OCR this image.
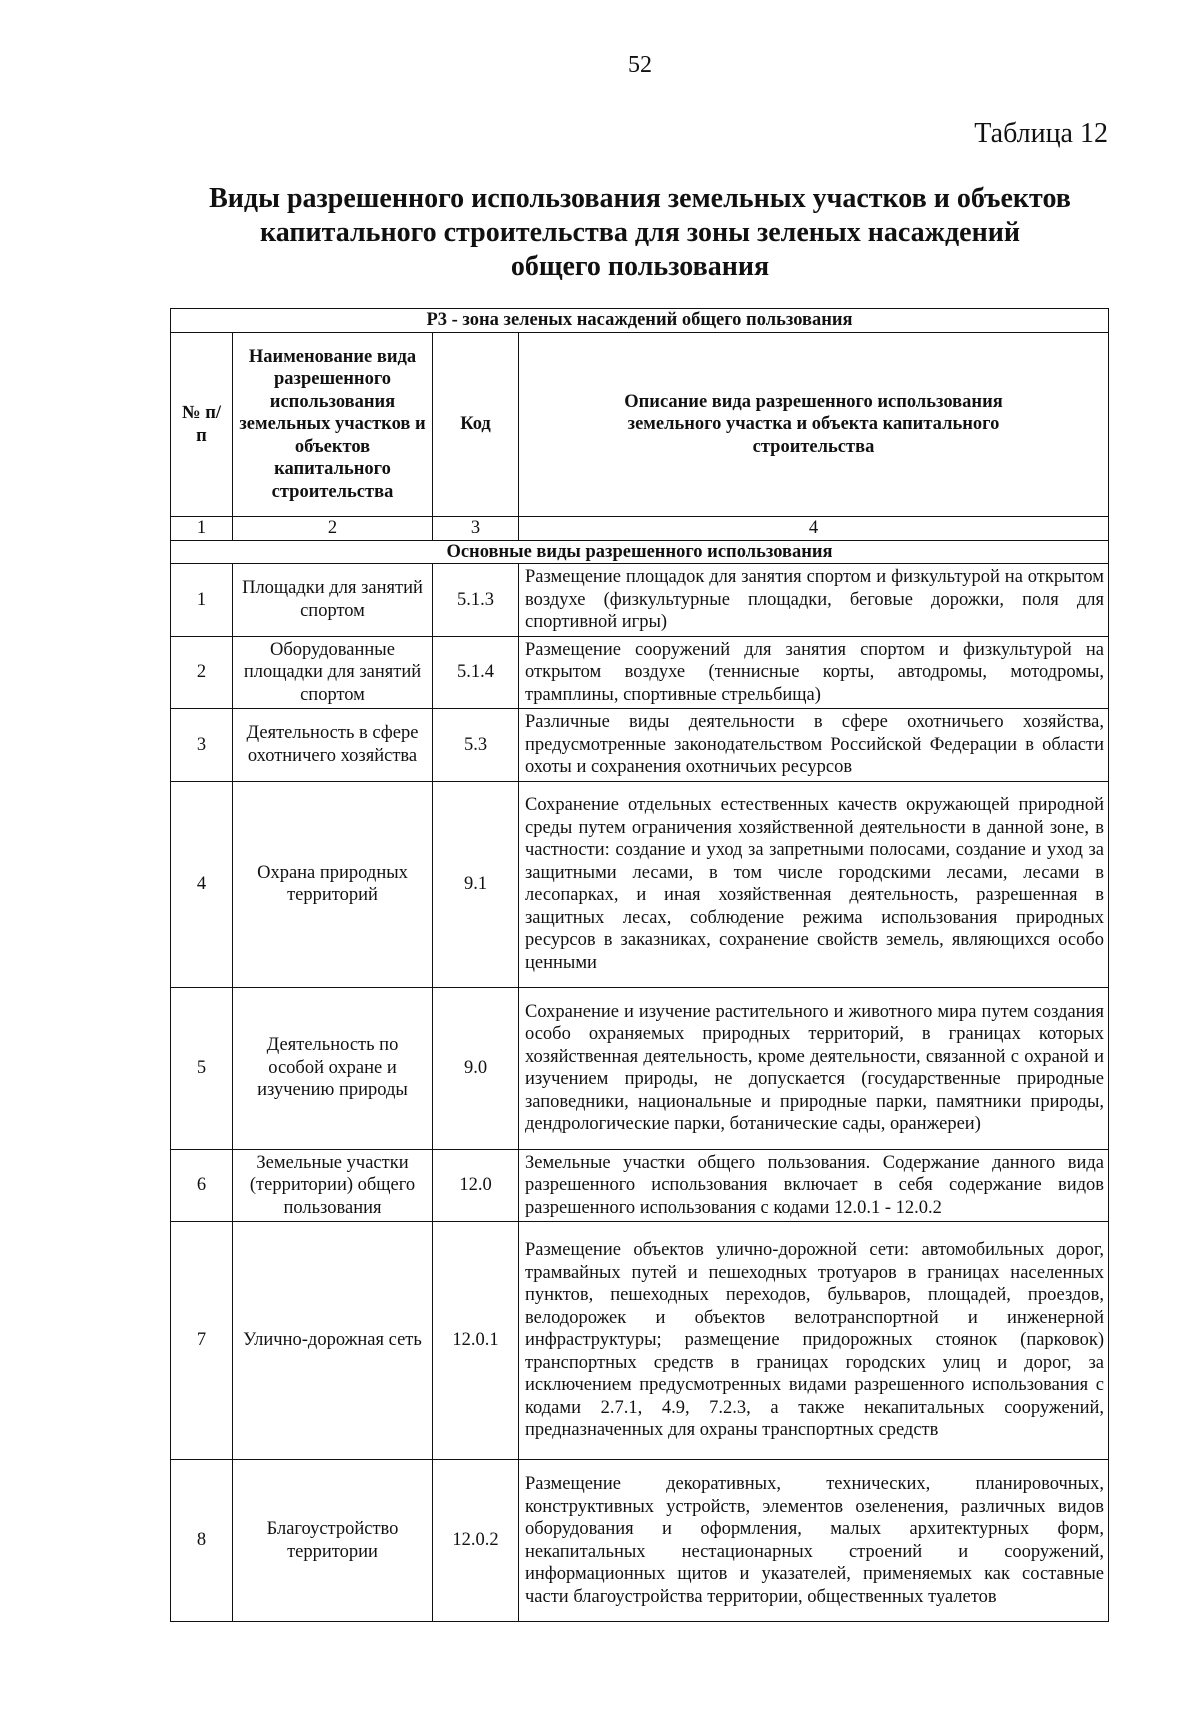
52
Таблица 12
Виды разрешенного использования земельных участков и объектов
капитального строительства для зоны зеленых насаждений
общего пользования
Р3 - зона зеленых насаждений общего пользования			
№ п/п	Наименование вида разрешенного использования земельных участков и объектов капитального строительства	Код	Описание вида разрешенного использования земельного участка и объекта капитального строительства
1	2	3	4
Основные виды разрешенного использования			
1	Площадки для занятий спортом	5.1.3	Размещение площадок для занятия спортом и физкультурой на открытом воздухе (физкультурные площадки, беговые дорожки, поля для спортивной игры)
2	Оборудованные площадки для занятий спортом	5.1.4	Размещение сооружений для занятия спортом и физкультурой на открытом воздухе (теннисные корты, автодромы, мотодромы, трамплины, спортивные стрельбища)
3	Деятельность в сфере охотничего хозяйства	5.3	Различные виды деятельности в сфере охотничьего хозяйства, предусмотренные законодательством Российской Федерации в области охоты и сохранения охотничьих ресурсов
4	Охрана природных территорий	9.1	Сохранение отдельных естественных качеств окружающей природной среды путем ограничения хозяйственной деятельности в данной зоне, в частности: создание и уход за запретными полосами, создание и уход за защитными лесами, в том числе городскими лесами, лесами в лесопарках, и иная хозяйственная деятельность, разрешенная в защитных лесах, соблюдение режима использования природных ресурсов в заказниках, сохранение свойств земель, являющихся особо ценными
5	Деятельность по особой охране и изучению природы	9.0	Сохранение и изучение растительного и животного мира путем создания особо охраняемых природных территорий, в границах которых хозяйственная деятельность, кроме деятельности, связанной с охраной и изучением природы, не допускается (государственные природные заповедники, национальные и природные парки, памятники природы, дендрологические парки, ботанические сады, оранжереи)
6	Земельные участки (территории) общего пользования	12.0	Земельные участки общего пользования. Содержание данного вида разрешенного использования включает в себя содержание видов разрешенного использования с кодами 12.0.1 - 12.0.2
7	Улично-дорожная сеть	12.0.1	Размещение объектов улично-дорожной сети: автомобильных дорог, трамвайных путей и пешеходных тротуаров в границах населенных пунктов, пешеходных переходов, бульваров, площадей, проездов, велодорожек и объектов велотранспортной и инженерной инфраструктуры; размещение придорожных стоянок (парковок) транспортных средств в границах городских улиц и дорог, за исключением предусмотренных видами разрешенного использования с кодами 2.7.1, 4.9, 7.2.3, а также некапитальных сооружений, предназначенных для охраны транспортных средств
8	Благоустройство территории	12.0.2	Размещение декоративных, технических, планировочных, конструктивных устройств, элементов озеленения, различных видов оборудования и оформления, малых архитектурных форм, некапитальных нестационарных строений и сооружений, информационных щитов и указателей, применяемых как составные части благоустройства территории, общественных туалетов
